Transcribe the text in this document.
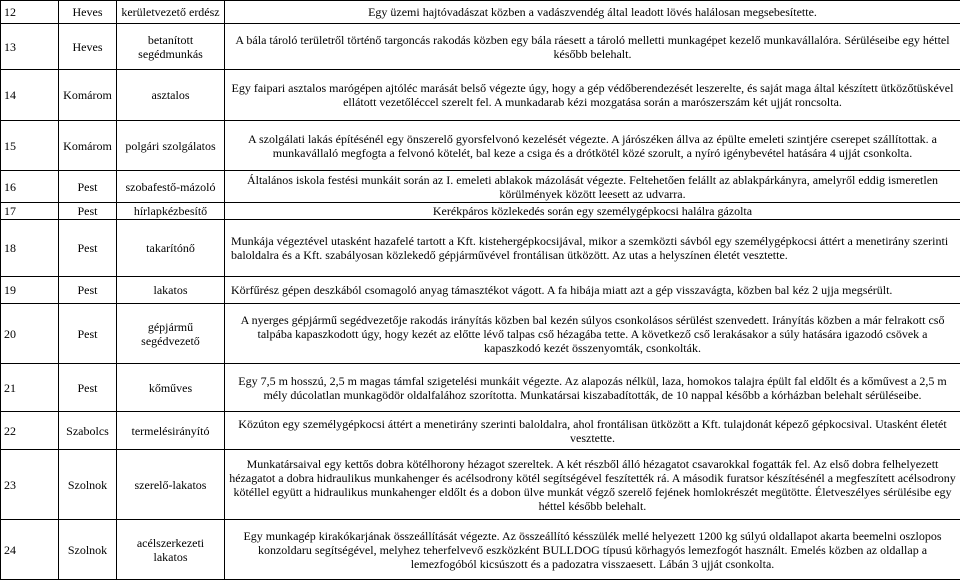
12	Heves	kerületvezető erdész	Egy üzemi hajtóvadászat közben a vadászvendég által leadott lövés halálosan megsebesítette.
13	Heves	betanított segédmunkás	A bála tároló területről történő targoncás rakodás közben egy bála ráesett a tároló melletti munkagépet kezelő munkavállalóra. Sérüléseibe egy héttel később belehalt.
14	Komárom	asztalos	Egy faipari asztalos marógépen ajtóléc marását belső végezte úgy, hogy a gép védőberendezését leszerelte, és saját maga által készített ütközőtüskével ellátott vezetőléccel szerelt fel. A munkadarab kézi mozgatása során a marószerszám két ujját roncsolta.
15	Komárom	polgári szolgálatos	A szolgálati lakás építésénél egy önszerelő gyorsfelvonó kezelését végezte. A járószéken állva az épülte emeleti szintjére cserepet szállítottak. a munkavállaló megfogta a felvonó kötelét, bal keze a csiga és a drótkötél közé szorult, a nyíró igénybevétel hatására 4 ujját csonkolta.
16	Pest	szobafestő-mázoló	Általános iskola festési munkáit során az I. emeleti ablakok mázolását végezte. Feltehetően felállt az ablakpárkányra, amelyről eddig ismeretlen körülmények között leesett az udvarra.
17	Pest	hírlapkézbesítő	Kerékpáros közlekedés során egy személygépkocsi halálra gázolta
18	Pest	takarítónő	Munkája végeztével utasként hazafelé tartott a Kft. kistehergépkocsijával, mikor a szemközti sávból egy személygépkocsi áttért a menetirány szerinti baloldalra és a Kft. szabályosan közlekedő gépjárművével frontálisan ütközött. Az utas a helyszínen életét vesztette.
19	Pest	lakatos	Körfűrész gépen deszkából csomagoló anyag támasztékot vágott. A fa hibája miatt azt a gép visszavágta, közben bal kéz 2 ujja megsérült.
20	Pest	gépjármű segédvezető	A nyerges gépjármű segédvezetője rakodás irányítás közben bal kezén súlyos csonkolásos sérülést szenvedett. Irányítás közben a már felrakott cső talpába kapaszkodott úgy, hogy kezét az előtte lévő talpas cső hézagába tette. A következő cső lerakásakor a súly hatására igazodó csövek a kapaszkodó kezét összenyomták, csonkolták.
21	Pest	kőműves	Egy 7,5 m hosszú, 2,5 m magas támfal szigetelési munkáit végezte. Az alapozás nélkül, laza, homokos talajra épült fal eldőlt és a kőművest a 2,5 m mély dúcolatlan munkagödör oldalfalához szorította. Munkatársai kiszabadították, de 10 nappal később a kórházban belehalt sérüléseibe.
22	Szabolcs	termelésirányító	Közúton egy személygépkocsi áttért a menetirány szerinti baloldalra, ahol frontálisan ütközött a Kft. tulajdonát képező gépkocsival. Utasként életét vesztette.
23	Szolnok	szerelő-lakatos	Munkatársaival egy kettős dobra kötélhorony hézagot szereltek. A két részből álló hézagatot csavarokkal fogatták fel. Az első dobra felhelyezett hézagatot a dobra hidraulikus munkahenger és acélsodrony kötél segítségével feszítették rá. A második furatsor készítésénél a megfeszített acélsodrony kötéllel együtt a hidraulikus munkahenger eldőlt és a dobon ülve munkát végző szerelő fejének homlokrészét megütötte. Életveszélyes sérülésibe egy héttel később belehalt.
24	Szolnok	acélszerkezeti lakatos	Egy munkagép kirakókarjának összeállítását végezte. Az összeállító késszülék mellé helyezett 1200 kg súlyú oldallapot akarta beemelni oszlopos konzoldaru segítségével, melyhez teherfelvevő eszközként BULLDOG típusú körhagyós lemezfogót használt. Emelés közben az oldallap a lemezfogóból kicsúszott és a padozatra visszaesett. Lábán 3 ujját csonkolta.
